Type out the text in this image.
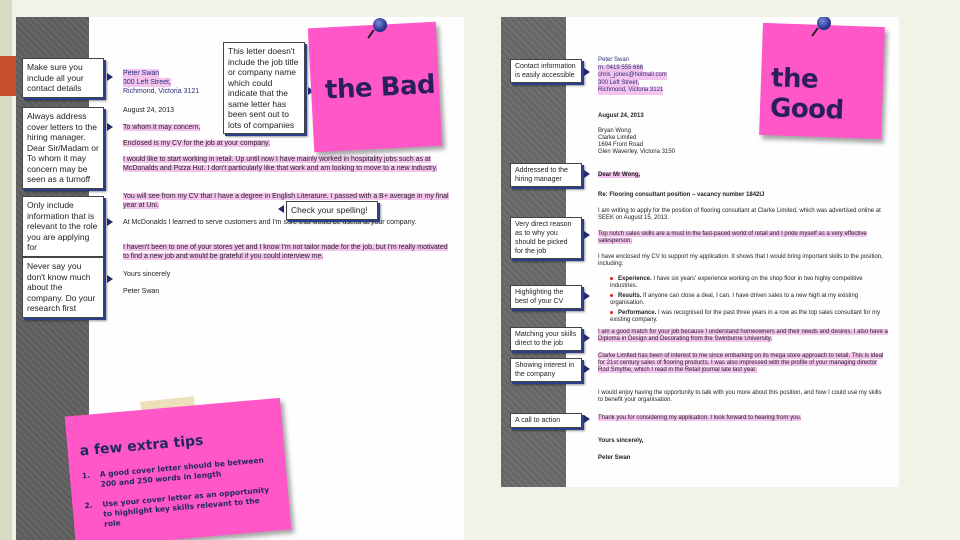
Peter Swan
300 Left Street,
Richmond, Victoria 3121
August 24, 2013
To whom it may concern,
Enclosed is my CV for the job at your company.
I would like to start working in retail. Up until now I have mainly worked in hospitality jobs such as at McDonalds and Pizza Hut. I don't particularly like that work and am looking to move to a new industry.
You will see from my CV that I have a degree in English Literature. I passed with a B+ average in my final year at Uni.
At McDonalds I learned to serve customers and I'm sure that would be useful at your company.
I haven't been to one of your stores yet and I know I'm not tailor made for the job, but I'm really motivated to find a new job and would be grateful if you could interview me.
Yours sincerely
Peter Swan
Make sure you include all your contact details
Always address cover letters to the hiring manager. Dear Sir/Madam or To whom it may concern may be seen as a turnoff
Only include information that is relevant to the role you are applying for
Never say you don't know much about the company. Do your research first
This letter doesn't include the job title or company name which could indicate that the same letter has been sent out to lots of companies
Check your spelling!
the Bad
a few extra tips
1. A good cover letter should be between 200 and 250 words in length
2. Use your cover letter as an opportunity to highlight key skills relevant to the role
Peter Swan
m. 0419 555 666
chris_jones@hotmail.com
300 Left Street,
Richmond, Victoria 3121
August 24, 2013
Bryan Wong
Clarke Limited
1694 Front Road
Glen Waverley, Victoria 3150
Dear Mr Wong,
Re: Flooring consultant position – vacancy number 1842IJ
I am writing to apply for the position of flooring consultant at Clarke Limited, which was advertised online at SEEK on August 15, 2013.
Top notch sales skills are a must in the fast-paced world of retail and I pride myself as a very effective salesperson.
I have enclosed my CV to support my application. It shows that I would bring important skills to the position, including:
Experience. I have six years' experience working on the shop floor in two highly competitive industries.
Results. If anyone can close a deal, I can. I have driven sales to a new high at my existing organisation.
Performance. I was recognised for the past three years in a row as the top sales consultant for my existing company.
I am a good match for your job because I understand homeowners and their needs and desires. I also have a Diploma in Design and Decorating from the Swinburne University.
Clarke Limited has been of interest to me since embarking on its mega store approach to retail. This is ideal for 21st century sales of flooring products. I was also impressed with the profile of your managing director Rod Smythe, which I read in the Retail journal late last year.
I would enjoy having the opportunity to talk with you more about this position, and how I could use my skills to benefit your organisation.
Thank you for considering my application. I look forward to hearing from you.
Yours sincerely,
Peter Swan
Contact information is easily accessible
Addressed to the hiring manager
Very direct reason as to why you should be picked for the job
Highlighting the best of your CV
Matching your skills direct to the job
Showing interest in the company
A call to action
the Good
